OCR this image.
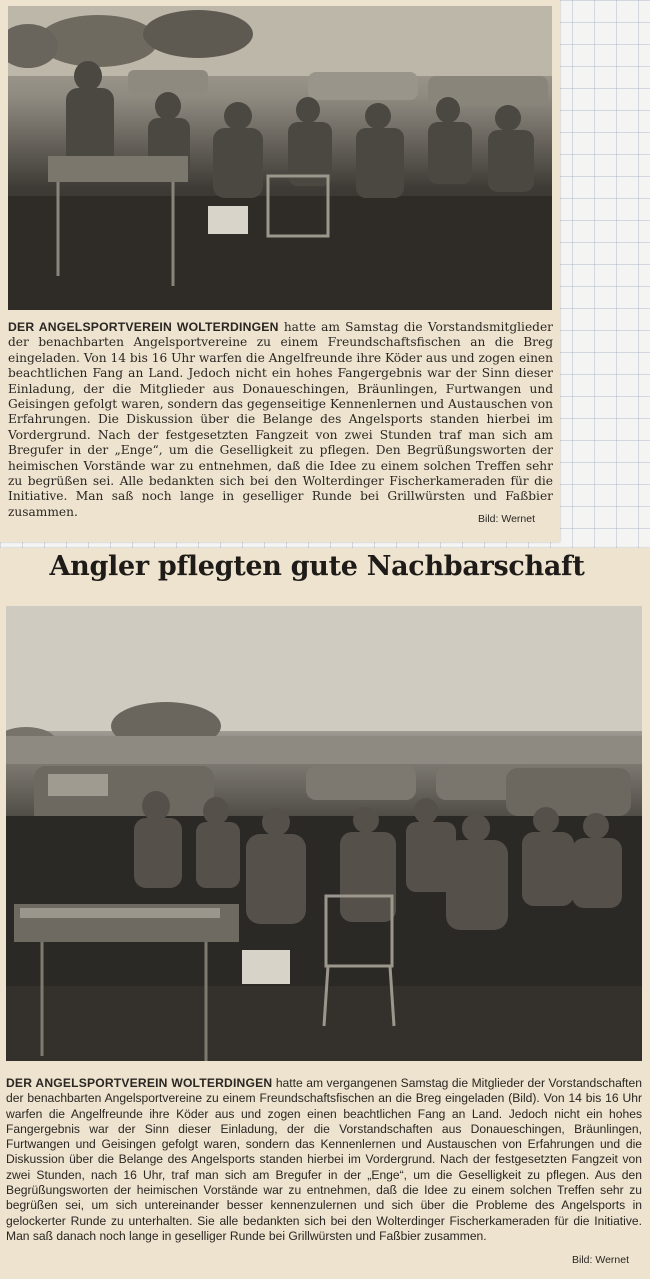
DER ANGELSPORTVEREIN WOLTERDINGEN hatte am Samstag die Vorstandsmitglieder der benachbarten Angelsportvereine zu einem Freundschaftsfischen an die Breg eingeladen. Von 14 bis 16 Uhr warfen die Angelfreunde ihre Köder aus und zogen einen beachtlichen Fang an Land. Jedoch nicht ein hohes Fangergebnis war der Sinn dieser Einladung, der die Mitglieder aus Donaueschingen, Bräunlingen, Furtwangen und Geisingen gefolgt waren, sondern das gegenseitige Kennenlernen und Austauschen von Erfahrungen. Die Diskussion über die Belange des Angelsports standen hierbei im Vordergrund. Nach der festgesetzten Fangzeit von zwei Stunden traf man sich am Bregufer in der „Enge“, um die Geselligkeit zu pflegen. Den Begrüßungsworten der heimischen Vorstände war zu entnehmen, daß die Idee zu einem solchen Treffen sehr zu begrüßen sei. Alle bedankten sich bei den Wolterdinger Fischerkameraden für die Initiative. Man saß noch lange in geselliger Runde bei Grillwürsten und Faßbier zusammen.

Bild: Wernet

DER ANGELSPORTVEREIN WOLTERDINGEN hatte am vergangenen Samstag die Mitglieder der Vorstandschaften der benachbarten Angelsportvereine zu einem Freundschaftsfischen an die Breg eingeladen (Bild). Von 14 bis 16 Uhr warfen die Angelfreunde ihre Köder aus und zogen einen beachtlichen Fang an Land. Jedoch nicht ein hohes Fangergebnis war der Sinn dieser Einladung, der die Vorstandschaften aus Donaueschingen, Bräunlingen, Furtwangen und Geisingen gefolgt waren, sondern das Kennenlernen und Austauschen von Erfahrungen und die Diskussion über die Belange des Angelsports standen hierbei im Vordergrund. Nach der festgesetzten Fangzeit von zwei Stunden, nach 16 Uhr, traf man sich am Bregufer in der „Enge“, um die Geselligkeit zu pflegen. Aus den Begrüßungsworten der heimischen Vorstände war zu entnehmen, daß die Idee zu einem solchen Treffen sehr zu begrüßen sei, um sich untereinander besser kennenzulernen und sich über die Probleme des Angelsports in gelockerter Runde zu unterhalten. Sie alle bedankten sich bei den Wolterdinger Fischerkameraden für die Initiative. Man saß danach noch lange in geselliger Runde bei Grillwürsten und Faßbier zusammen.

Bild: Wernet
Angler pflegten gute Nachbarschaft
